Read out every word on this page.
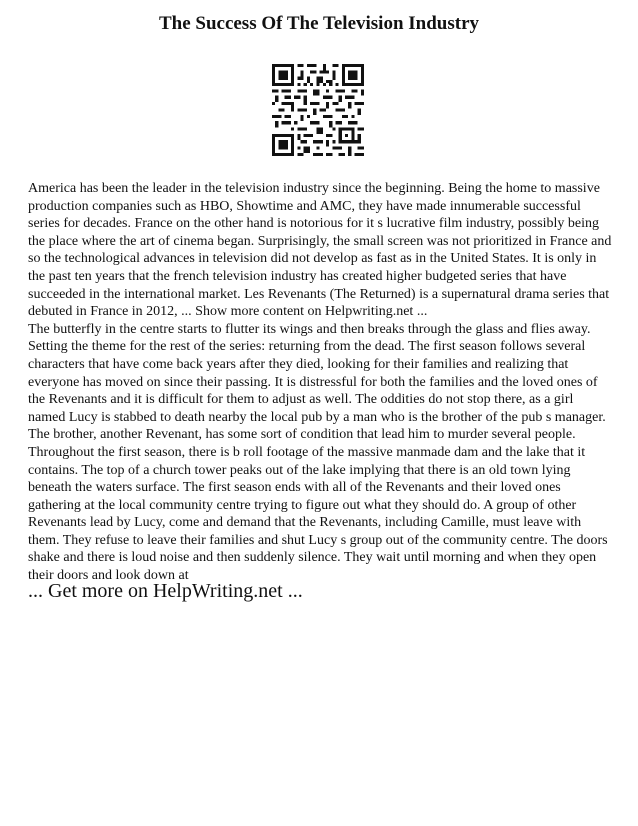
The Success Of The Television Industry

America has been the leader in the television industry since the beginning. Being the home to massive production companies such as HBO, Showtime and AMC, they have made innumerable successful series for decades. France on the other hand is notorious for it s lucrative film industry, possibly being the place where the art of cinema began. Surprisingly, the small screen was not prioritized in France and so the technological advances in television did not develop as fast as in the United States. It is only in the past ten years that the french television industry has created higher budgeted series that have succeeded in the international market. Les Revenants (The Returned) is a supernatural drama series that debuted in France in 2012, ... Show more content on Helpwriting.net ...

The butterfly in the centre starts to flutter its wings and then breaks through the glass and flies away. Setting the theme for the rest of the series: returning from the dead. The first season follows several characters that have come back years after they died, looking for their families and realizing that everyone has moved on since their passing. It is distressful for both the families and the loved ones of the Revenants and it is difficult for them to adjust as well. The oddities do not stop there, as a girl named Lucy is stabbed to death nearby the local pub by a man who is the brother of the pub s manager. The brother, another Revenant, has some sort of condition that lead him to murder several people. Throughout the first season, there is b roll footage of the massive manmade dam and the lake that it contains. The top of a church tower peaks out of the lake implying that there is an old town lying beneath the waters surface. The first season ends with all of the Revenants and their loved ones gathering at the local community centre trying to figure out what they should do. A group of other Revenants lead by Lucy, come and demand that the Revenants, including Camille, must leave with them. They refuse to leave their families and shut Lucy s group out of the community centre. The doors shake and there is loud noise and then suddenly silence. They wait until morning and when they open their doors and look down at

... Get more on HelpWriting.net ...
